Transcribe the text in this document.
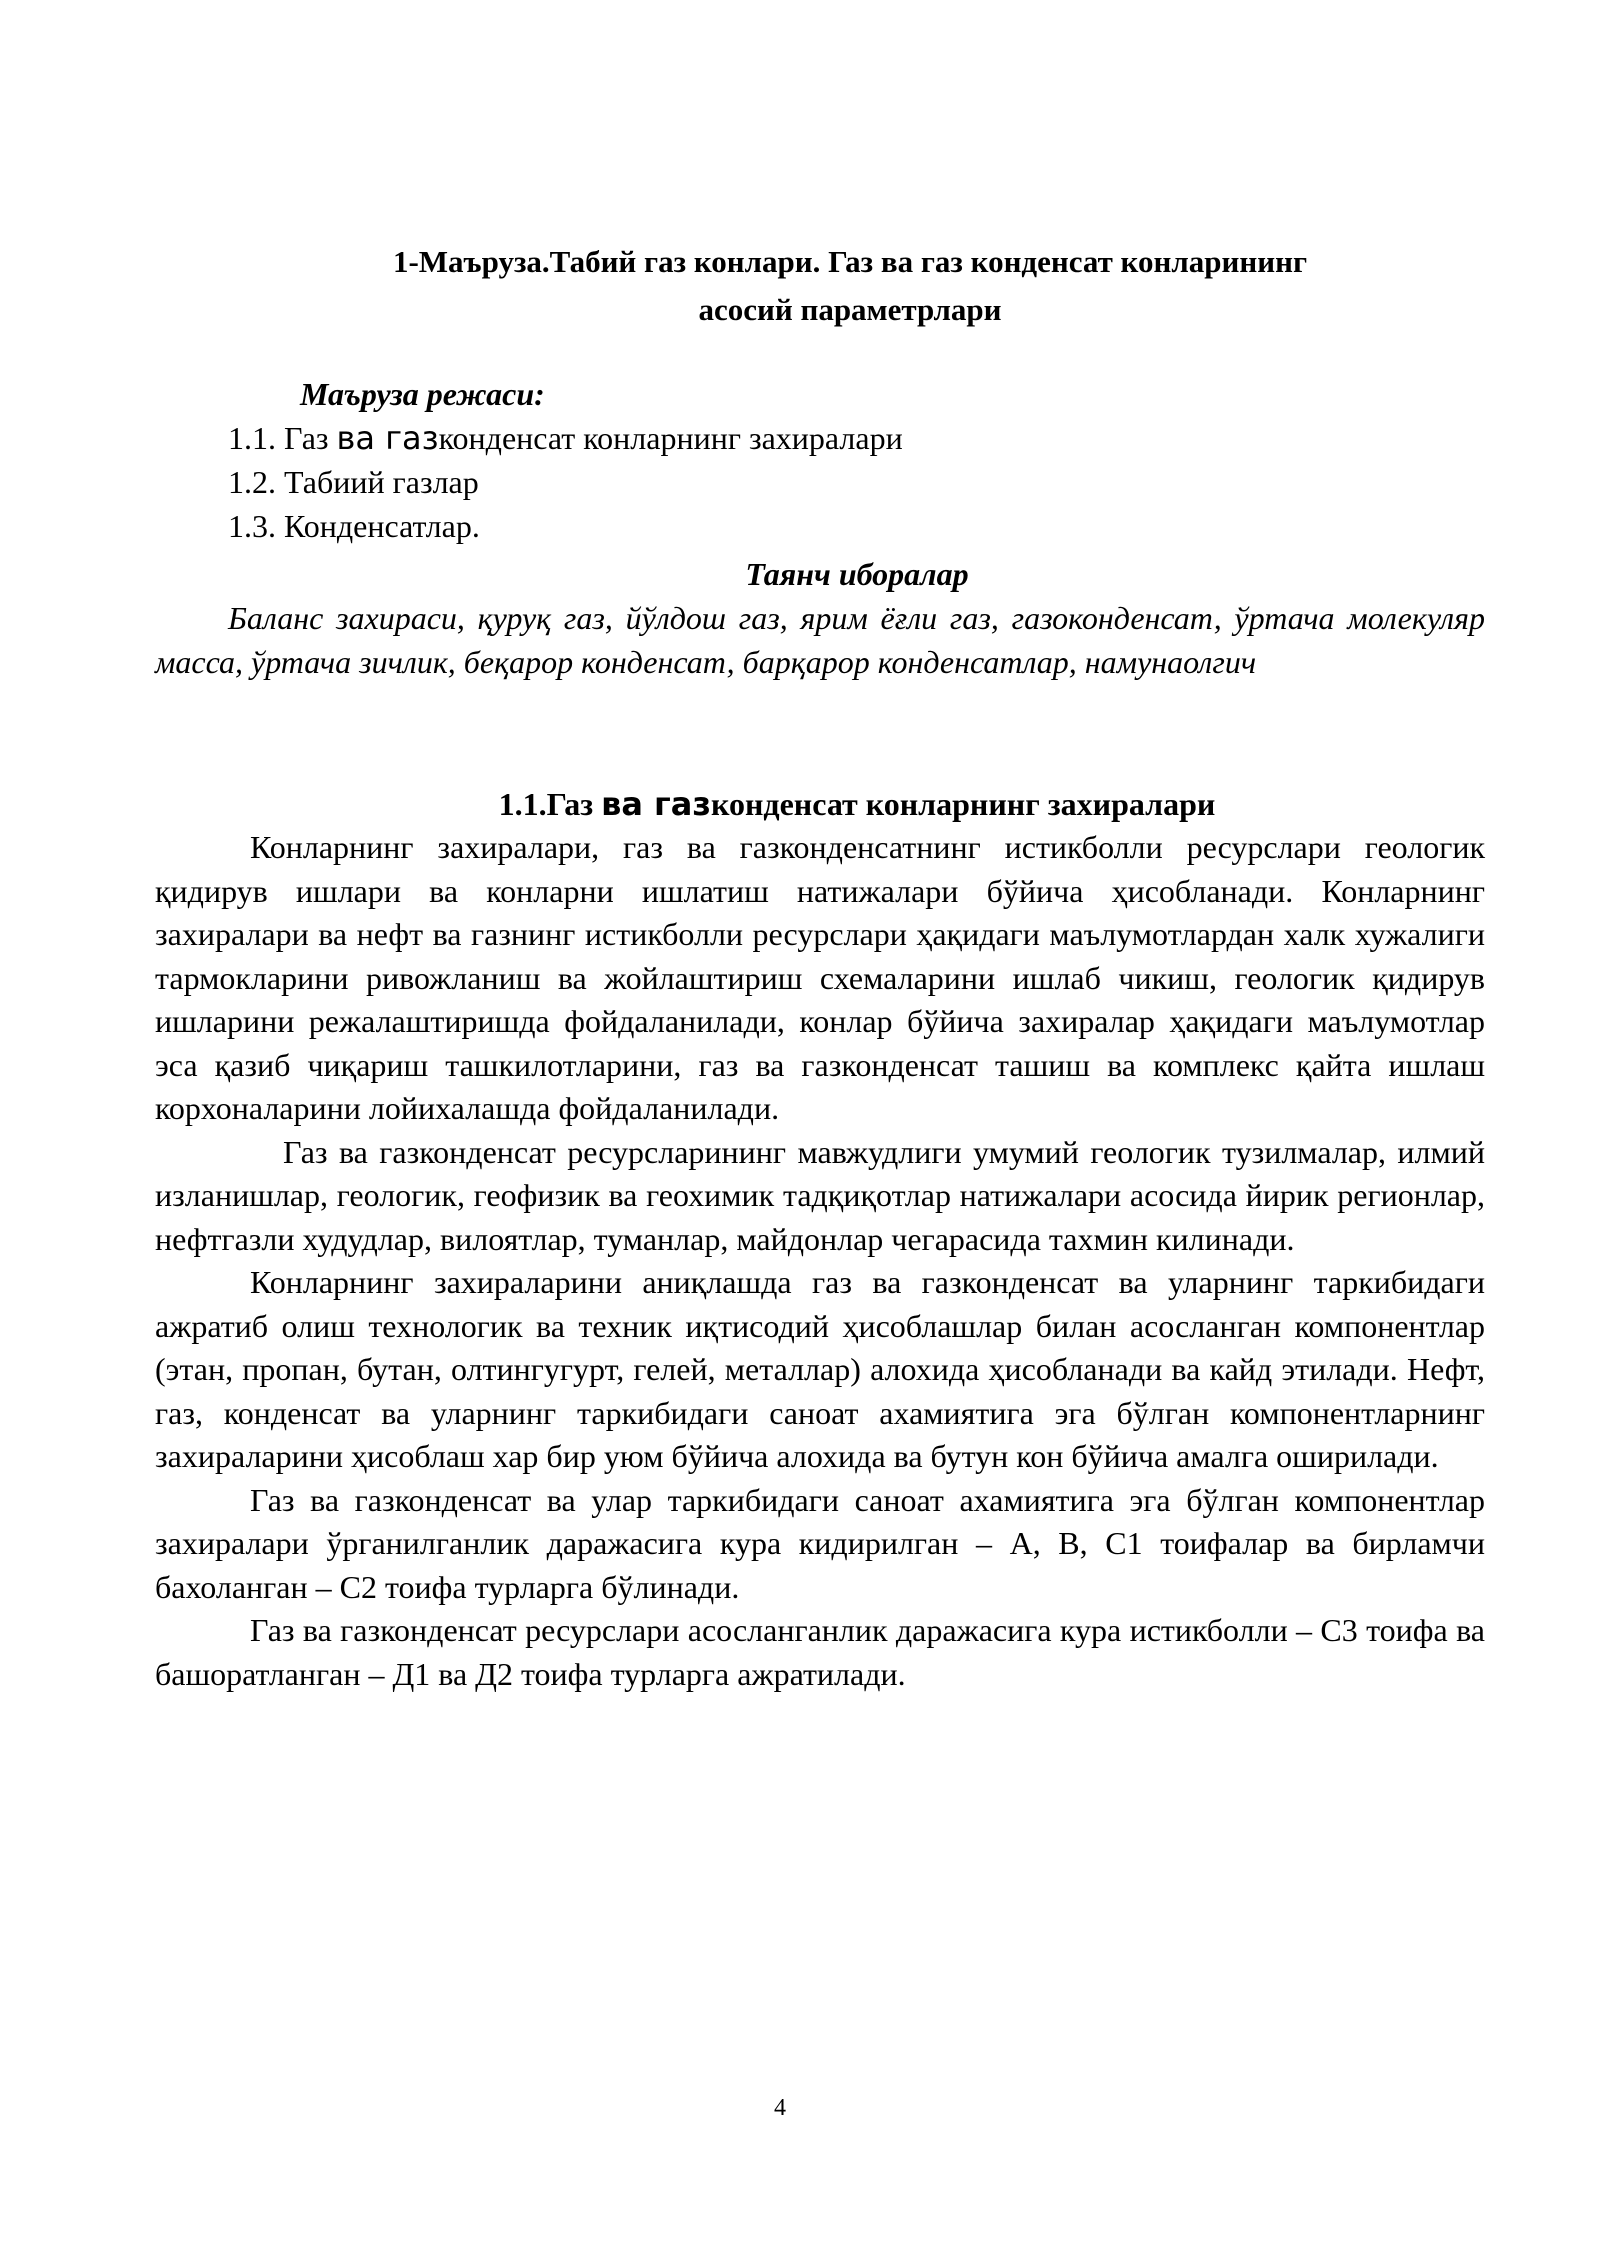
1-Маъруза.Табий газ конлари. Газ ва газ конденсат конларининг
асосий параметрлари
Маъруза режаси:
1.1. Газ ва газконденсат конларнинг захиралари
1.2. Табиий газлар
1.3. Конденсатлар.
Таянч иборалар
Баланс захираси, қуруқ газ, йўлдош газ, ярим ёғли газ, газоконденсат, ўртача молекуляр масса, ўртача зичлик, беқарор конденсат, барқарор конденсатлар, намунаолгич
1.1.Газ ва газконденсат конларнинг захиралари

Конларнинг захиралари, газ ва газконденсатнинг истикболли ресурслари геологик қидирув ишлари ва конларни ишлатиш натижалари бўйича ҳисобланади. Конларнинг захиралари ва нефт ва газнинг истикболли ресурслари ҳақидаги маълумотлардан халк хужалиги тармокларини ривожланиш ва жойлаштириш схемаларини ишлаб чикиш, геологик қидирув ишларини режалаштиришда фойдаланилади, конлар бўйича захиралар ҳақидаги маълумотлар эса қазиб чиқариш ташкилотларини, газ ва газконденсат ташиш ва комплекс қайта ишлаш корхоналарини лойихалашда фойдаланилади.

Газ ва газконденсат ресурсларининг мавжудлиги умумий геологик тузилмалар, илмий изланишлар, геологик, геофизик ва геохимик тадқиқотлар натижалари асосида йирик регионлар, нефтгазли худудлар, вилоятлар, туманлар, майдонлар чегарасида тахмин килинади.

Конларнинг захираларини аниқлашда газ ва газконденсат ва уларнинг таркибидаги ажратиб олиш технологик ва техник иқтисодий ҳисоблашлар билан асосланган компонентлар (этан, пропан, бутан, олтингугурт, гелей, металлар) алохида ҳисобланади ва кайд этилади. Нефт, газ, конденсат ва уларнинг таркибидаги саноат ахамиятига эга бўлган компонентларнинг захираларини ҳисоблаш хар бир уюм бўйича алохида ва бутун кон бўйича амалга оширилади.

Газ ва газконденсат ва улар таркибидаги саноат ахамиятига эга бўлган компонентлар захиралари ўрганилганлик даражасига кура кидирилган – А, В, С1 тоифалар ва бирламчи бахоланган – С2 тоифа турларга бўлинади.

Газ ва газконденсат ресурслари асосланганлик даражасига кура истикболли – С3 тоифа ва башоратланган – Д1 ва Д2 тоифа турларга ажратилади.

4
